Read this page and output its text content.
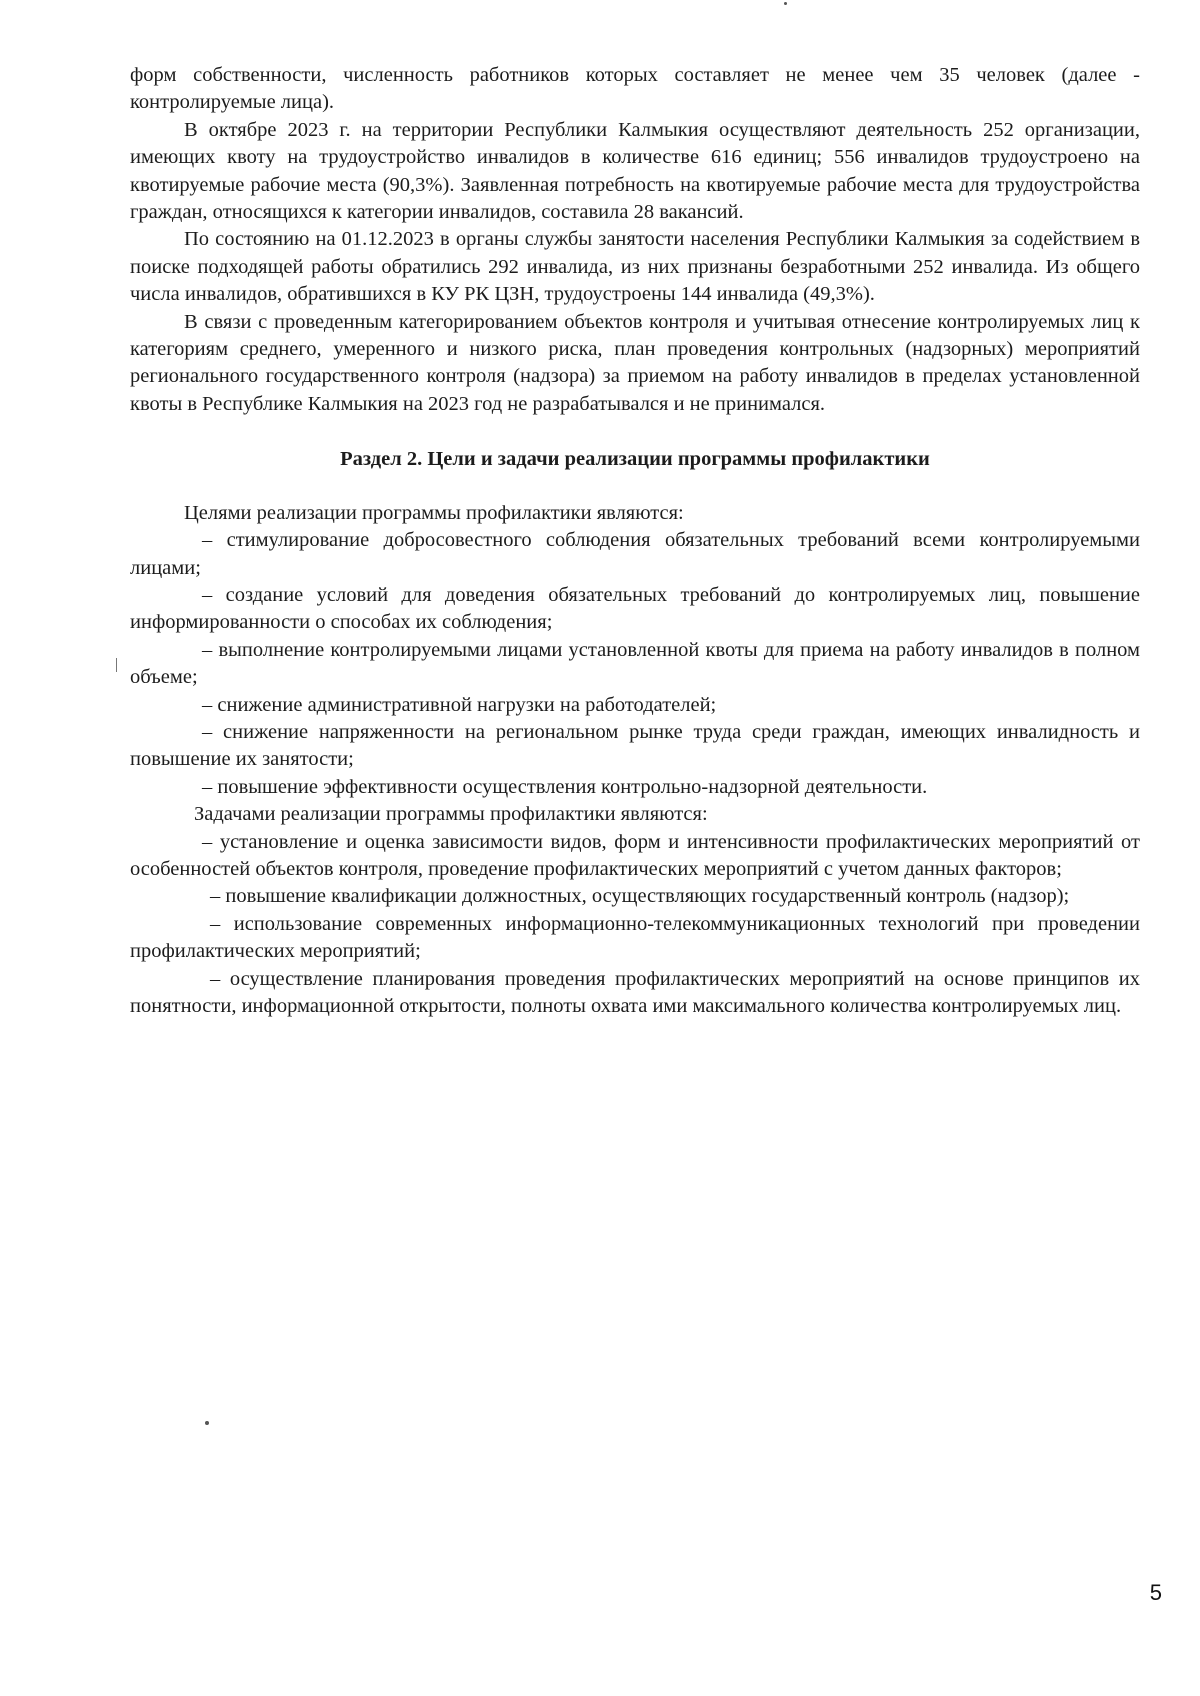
форм собственности, численность работников которых составляет не менее чем 35 человек (далее - контролируемые лица).

В октябре 2023 г. на территории Республики Калмыкия осуществляют деятельность 252 организации, имеющих квоту на трудоустройство инвалидов в количестве 616 единиц; 556 инвалидов трудоустроено на квотируемые рабочие места (90,3%). Заявленная потребность на квотируемые рабочие места для трудоустройства граждан, относящихся к категории инвалидов, составила 28 вакансий.

По состоянию на 01.12.2023 в органы службы занятости населения Республики Калмыкия за содействием в поиске подходящей работы обратились 292 инвалида, из них признаны безработными 252 инвалида. Из общего числа инвалидов, обратившихся в КУ РК ЦЗН, трудоустроены 144 инвалида (49,3%).

В связи с проведенным категорированием объектов контроля и учитывая отнесение контролируемых лиц к категориям среднего, умеренного и низкого риска, план проведения контрольных (надзорных) мероприятий регионального государственного контроля (надзора) за приемом на работу инвалидов в пределах установленной квоты в Республике Калмыкия на 2023 год не разрабатывался и не принимался.

Раздел 2. Цели и задачи реализации программы профилактики

Целями реализации программы профилактики являются:

– стимулирование добросовестного соблюдения обязательных требований всеми контролируемыми лицами;

– создание условий для доведения обязательных требований до контролируемых лиц, повышение информированности о способах их соблюдения;

– выполнение контролируемыми лицами установленной квоты для приема на работу инвалидов в полном объеме;

– снижение административной нагрузки на работодателей;

– снижение напряженности на региональном рынке труда среди граждан, имеющих инвалидность и повышение их занятости;

– повышение эффективности осуществления контрольно-надзорной деятельности.

Задачами реализации программы профилактики являются:

– установление и оценка зависимости видов, форм и интенсивности профилактических мероприятий от особенностей объектов контроля, проведение профилактических мероприятий с учетом данных факторов;

– повышение квалификации должностных, осуществляющих государственный контроль (надзор);

– использование современных информационно-телекоммуникационных технологий при проведении профилактических мероприятий;

– осуществление планирования проведения профилактических мероприятий на основе принципов их понятности, информационной открытости, полноты охвата ими максимального количества контролируемых лиц.

5
